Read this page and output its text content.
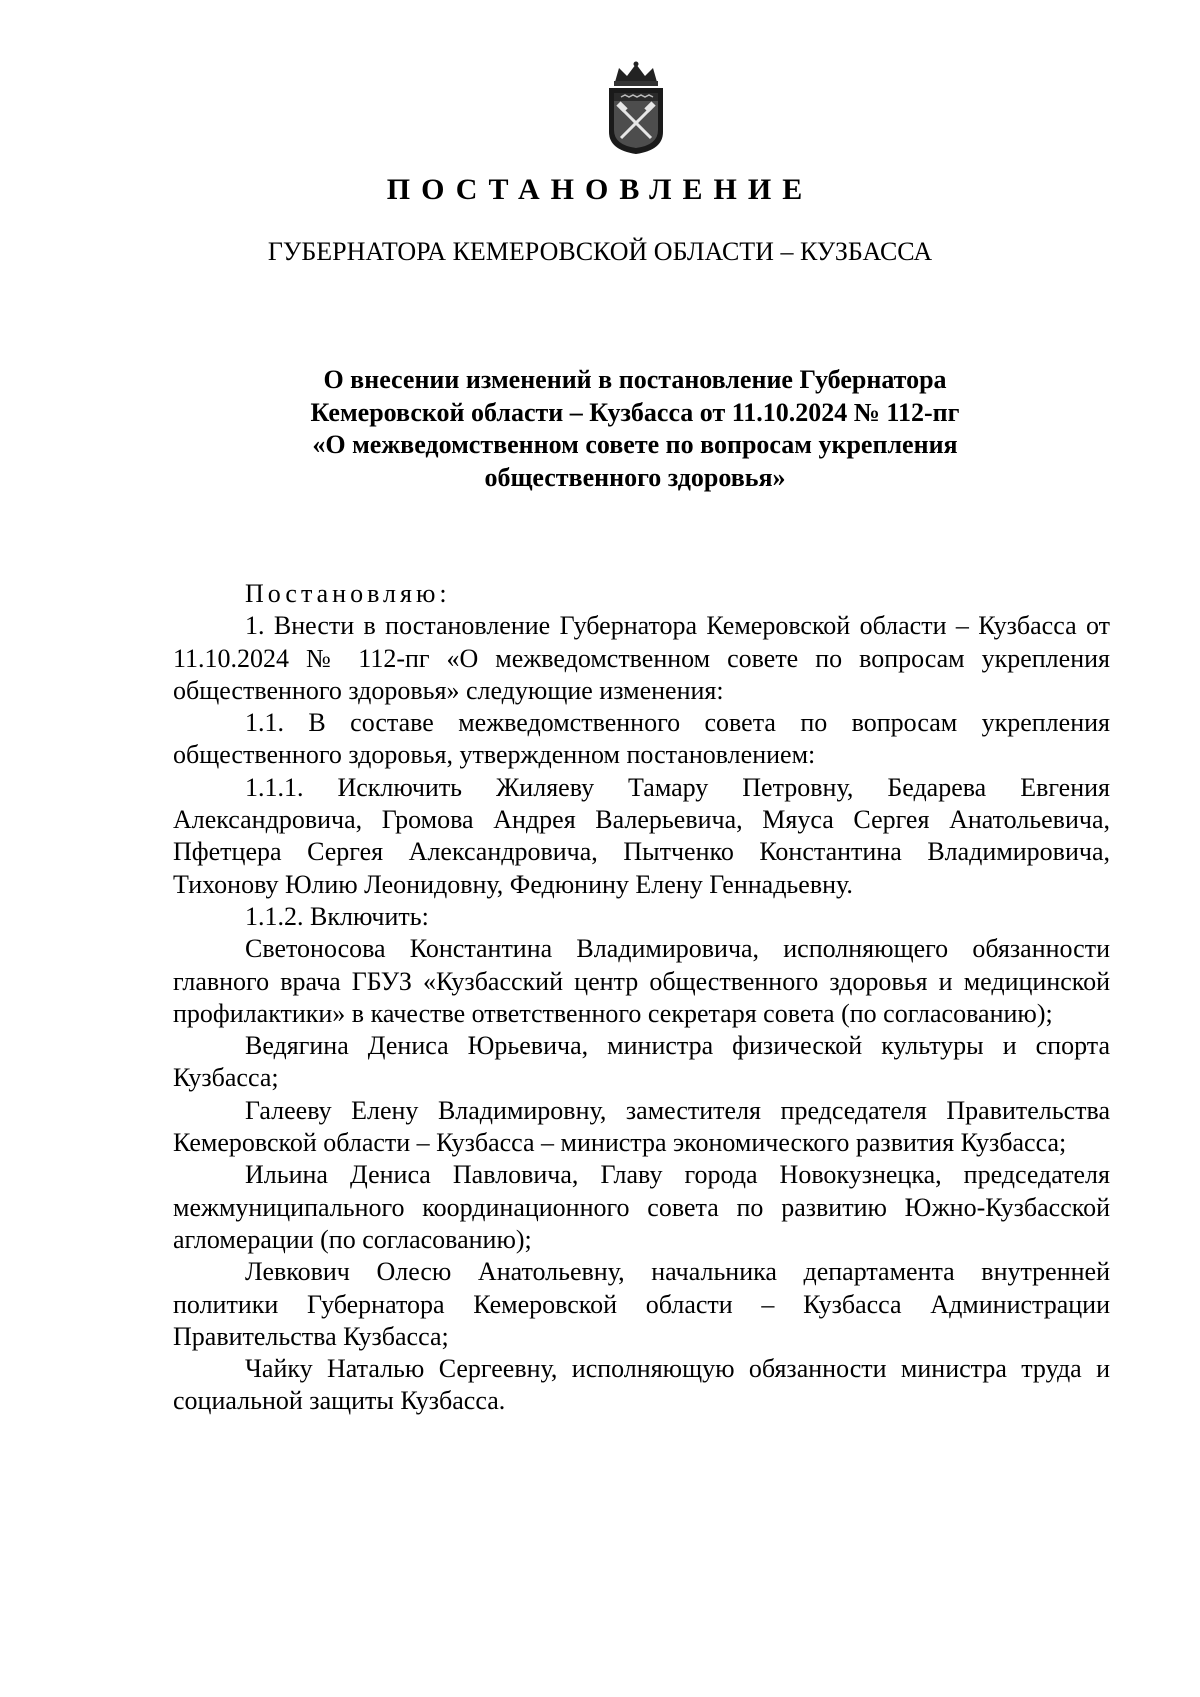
ПОСТАНОВЛЕНИЕ
ГУБЕРНАТОРА КЕМЕРОВСКОЙ ОБЛАСТИ – КУЗБАССА
О внесении изменений в постановление Губернатора
Кемеровской области – Кузбасса от 11.10.2024 № 112-пг
«О межведомственном совете по вопросам укрепления
общественного здоровья»

Постановляю:

1. Внести в постановление Губернатора Кемеровской области – Кузбасса от 11.10.2024 № 112-пг «О межведомственном совете по вопросам укрепления общественного здоровья» следующие изменения:

1.1. В составе межведомственного совета по вопросам укрепления общественного здоровья, утвержденном постановлением:

1.1.1. Исключить Жиляеву Тамару Петровну, Бедарева Евгения Александровича, Громова Андрея Валерьевича, Мяуса Сергея Анатольевича, Пфетцера Сергея Александровича, Пытченко Константина Владимировича, Тихонову Юлию Леонидовну, Федюнину Елену Геннадьевну.

1.1.2. Включить:

Светоносова Константина Владимировича, исполняющего обязанности главного врача ГБУЗ «Кузбасский центр общественного здоровья и медицинской профилактики» в качестве ответственного секретаря совета (по согласованию);

Ведягина Дениса Юрьевича, министра физической культуры и спорта Кузбасса;

Галееву Елену Владимировну, заместителя председателя Правительства Кемеровской области – Кузбасса – министра экономического развития Кузбасса;

Ильина Дениса Павловича, Главу города Новокузнецка, председателя межмуниципального координационного совета по развитию Южно-Кузбасской агломерации (по согласованию);

Левкович Олесю Анатольевну, начальника департамента внутренней политики Губернатора Кемеровской области – Кузбасса Администрации Правительства Кузбасса;

Чайку Наталью Сергеевну, исполняющую обязанности министра труда и социальной защиты Кузбасса.
